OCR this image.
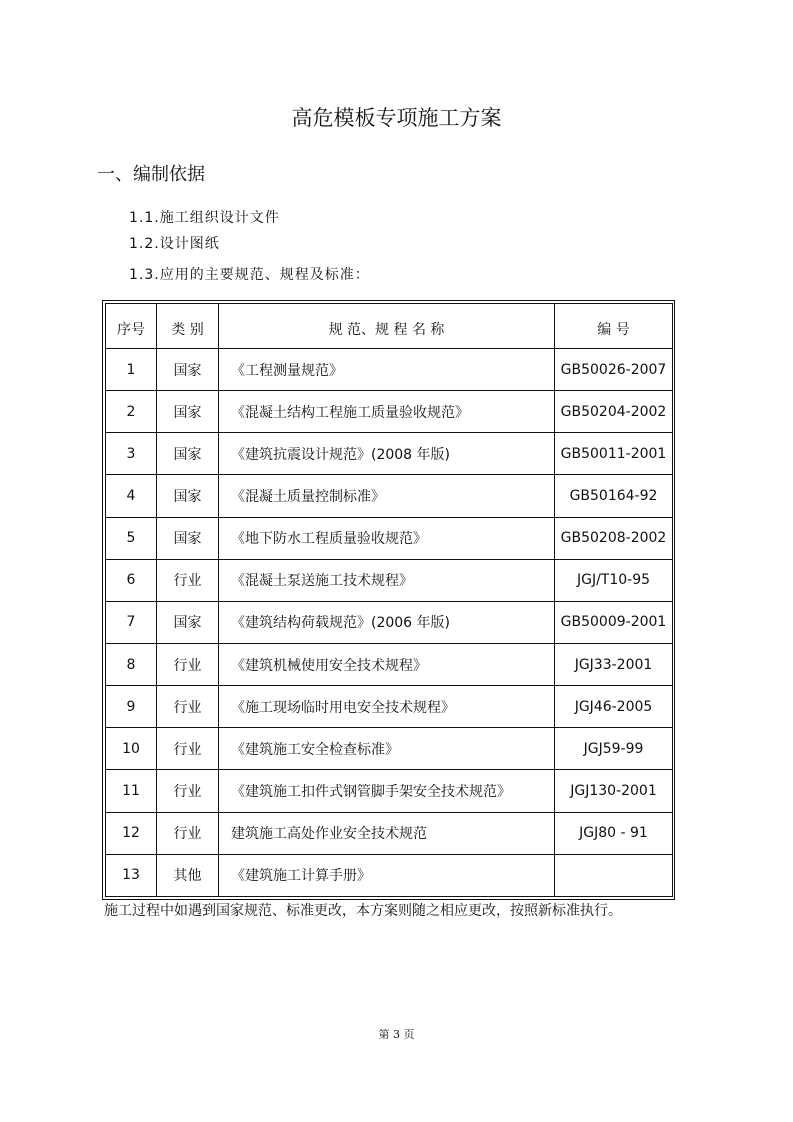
高危模板专项施工方案
一、编制依据
1.1.施工组织设计文件
1.2.设计图纸
1.3.应用的主要规范、规程及标准：
序号	类 别	规 范、规 程 名 称	编 号
1	国家	《工程测量规范》	GB50026-2007
2	国家	《混凝土结构工程施工质量验收规范》	GB50204-2002
3	国家	《建筑抗震设计规范》(2008 年版)	GB50011-2001
4	国家	《混凝土质量控制标准》	GB50164-92
5	国家	《地下防水工程质量验收规范》	GB50208-2002
6	行业	《混凝土泵送施工技术规程》	JGJ/T10-95
7	国家	《建筑结构荷载规范》(2006 年版)	GB50009-2001
8	行业	《建筑机械使用安全技术规程》	JGJ33-2001
9	行业	《施工现场临时用电安全技术规程》	JGJ46-2005
10	行业	《建筑施工安全检查标准》	JGJ59-99
11	行业	《建筑施工扣件式钢管脚手架安全技术规范》	JGJ130-2001
12	行业	建筑施工高处作业安全技术规范	JGJ80 - 91
13	其他	《建筑施工计算手册》	
施工过程中如遇到国家规范、标准更改，本方案则随之相应更改，按照新标准执行。
第 3 页
